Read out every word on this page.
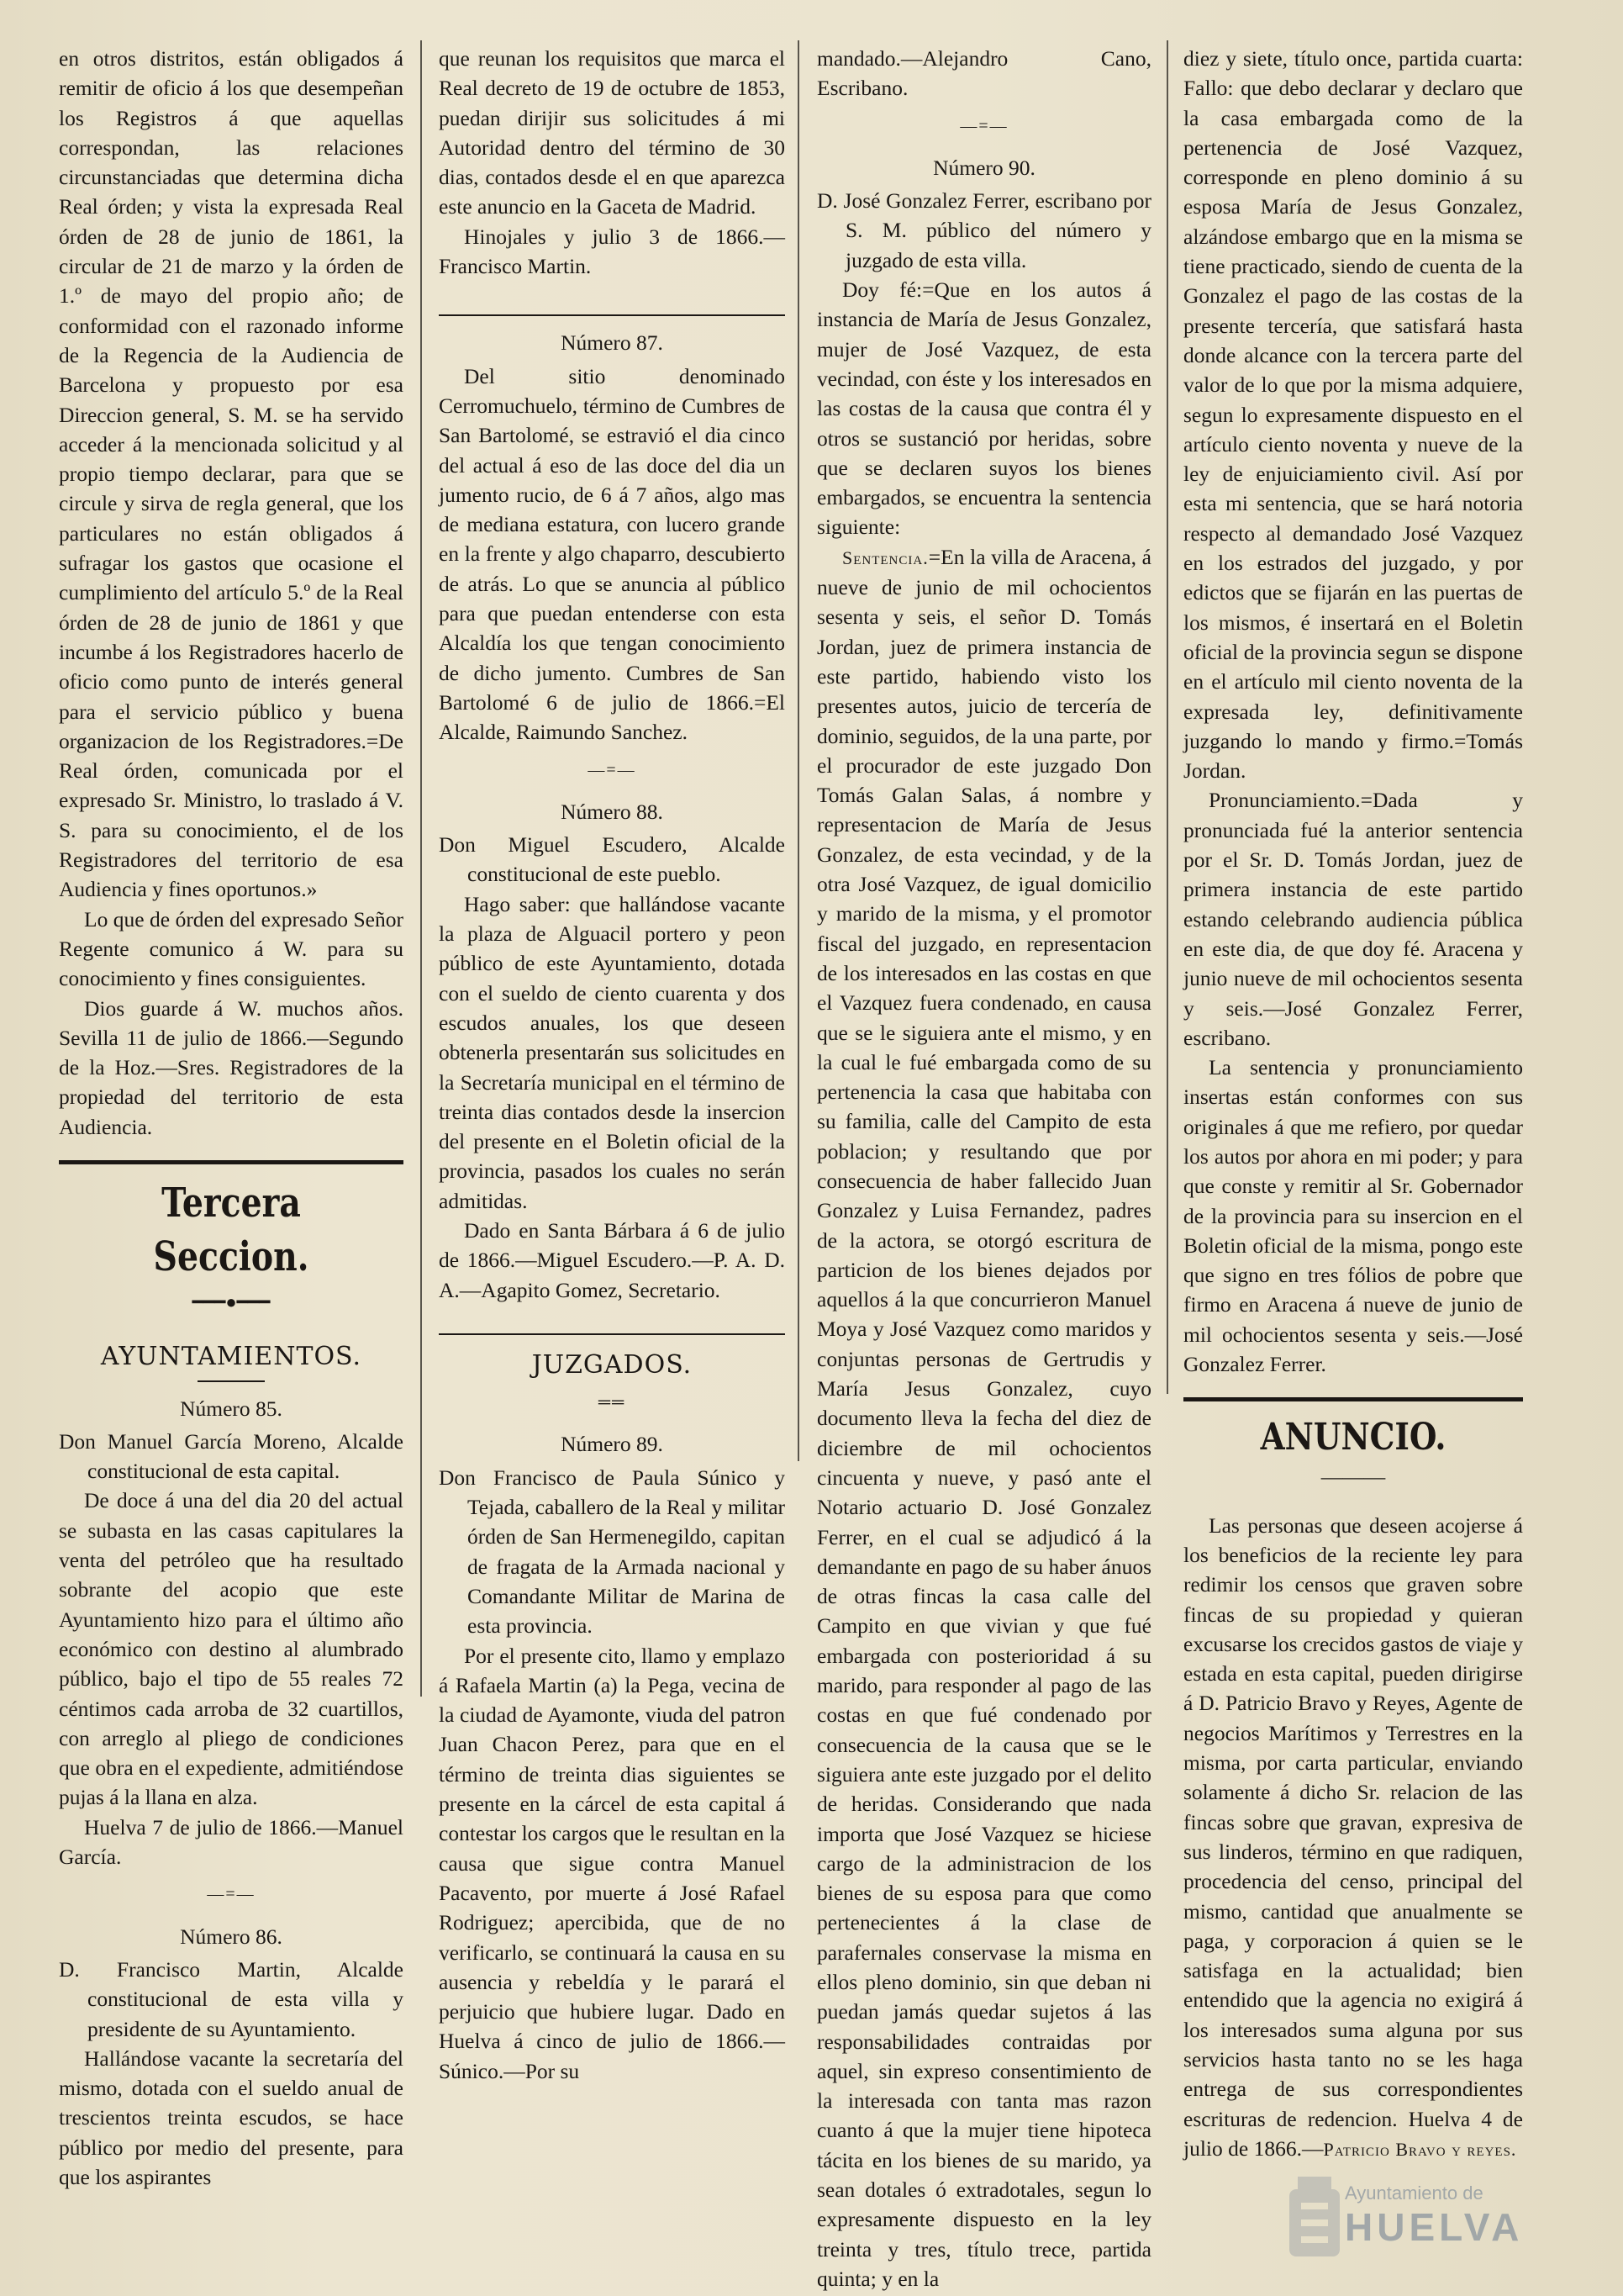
en otros distritos, están obligados á remitir de oficio á los que desempeñan los Registros á que aquellas correspondan, las relaciones circunstanciadas que determina dicha Real órden; y vista la expresada Real órden de 28 de junio de 1861, la circular de 21 de marzo y la órden de 1.º de mayo del propio año; de conformidad con el razonado informe de la Regencia de la Audiencia de Barcelona y propuesto por esa Direccion general, S. M. se ha servido acceder á la mencionada solicitud y al propio tiempo declarar, para que se circule y sirva de regla general, que los particulares no están obligados á sufragar los gastos que ocasione el cumplimiento del artículo 5.º de la Real órden de 28 de junio de 1861 y que incumbe á los Registradores hacerlo de oficio como punto de interés general para el servicio público y buena organizacion de los Registradores.=De Real órden, comunicada por el expresado Sr. Ministro, lo traslado á V. S. para su conocimiento, el de los Registradores del territorio de esa Audiencia y fines oportunos.»

Lo que de órden del expresado Señor Regente comunico á W. para su conocimiento y fines consiguientes.

Dios guarde á W. muchos años. Sevilla 11 de julio de 1866.—Segundo de la Hoz.—Sres. Registradores de la propiedad del territorio de esta Audiencia.

Tercera Seccion.
━━━●━━━
AYUNTAMIENTOS.

Número 85.

Don Manuel García Moreno, Alcalde constitucional de esta capital.

De doce á una del dia 20 del actual se subasta en las casas capitulares la venta del petróleo que ha resultado sobrante del acopio que este Ayuntamiento hizo para el último año económico con destino al alumbrado público, bajo el tipo de 55 reales 72 céntimos cada arroba de 32 cuartillos, con arreglo al pliego de condiciones que obra en el expediente, admitiéndose pujas á la llana en alza.

Huelva 7 de julio de 1866.—Manuel García.

—=—

Número 86.

D. Francisco Martin, Alcalde constitucional de esta villa y presidente de su Ayuntamiento.

Hallándose vacante la secretaría del mismo, dotada con el sueldo anual de trescientos treinta escudos, se hace público por medio del presente, para que los aspirantes

que reunan los requisitos que marca el Real decreto de 19 de octubre de 1853, puedan dirijir sus solicitudes á mi Autoridad dentro del término de 30 dias, contados desde el en que aparezca este anuncio en la Gaceta de Madrid.

Hinojales y julio 3 de 1866.—Francisco Martin.

Número 87.

Del sitio denominado Cerromuchuelo, término de Cumbres de San Bartolomé, se estravió el dia cinco del actual á eso de las doce del dia un jumento rucio, de 6 á 7 años, algo mas de mediana estatura, con lucero grande en la frente y algo chaparro, descubierto de atrás. Lo que se anuncia al público para que puedan entenderse con esta Alcaldía los que tengan conocimiento de dicho jumento. Cumbres de San Bartolomé 6 de julio de 1866.=El Alcalde, Raimundo Sanchez.

—=—

Número 88.

Don Miguel Escudero, Alcalde constitucional de este pueblo.

Hago saber: que hallándose vacante la plaza de Alguacil portero y peon público de este Ayuntamiento, dotada con el sueldo de ciento cuarenta y dos escudos anuales, los que deseen obtenerla presentarán sus solicitudes en la Secretaría municipal en el término de treinta dias contados desde la insercion del presente en el Boletin oficial de la provincia, pasados los cuales no serán admitidas.

Dado en Santa Bárbara á 6 de julio de 1866.—Miguel Escudero.—P. A. D. A.—Agapito Gomez, Secretario.

JUZGADOS.
══

Número 89.

Don Francisco de Paula Súnico y Tejada, caballero de la Real y militar órden de San Hermenegildo, capitan de fragata de la Armada nacional y Comandante Militar de Marina de esta provincia.

Por el presente cito, llamo y emplazo á Rafaela Martin (a) la Pega, vecina de la ciudad de Ayamonte, viuda del patron Juan Chacon Perez, para que en el término de treinta dias siguientes se presente en la cárcel de esta capital á contestar los cargos que le resultan en la causa que sigue contra Manuel Pacavento, por muerte á José Rafael Rodriguez; apercibida, que de no verificarlo, se continuará la causa en su ausencia y rebeldía y le parará el perjuicio que hubiere lugar. Dado en Huelva á cinco de julio de 1866.—Súnico.—Por su

mandado.—Alejandro Cano, Escribano.

—=—

Número 90.

D. José Gonzalez Ferrer, escribano por S. M. público del número y juzgado de esta villa.

Doy fé:=Que en los autos á instancia de María de Jesus Gonzalez, mujer de José Vazquez, de esta vecindad, con éste y los interesados en las costas de la causa que contra él y otros se sustanció por heridas, sobre que se declaren suyos los bienes embargados, se encuentra la sentencia siguiente:

Sentencia.=En la villa de Aracena, á nueve de junio de mil ochocientos sesenta y seis, el señor D. Tomás Jordan, juez de primera instancia de este partido, habiendo visto los presentes autos, juicio de tercería de dominio, seguidos, de la una parte, por el procurador de este juzgado Don Tomás Galan Salas, á nombre y representacion de María de Jesus Gonzalez, de esta vecindad, y de la otra José Vazquez, de igual domicilio y marido de la misma, y el promotor fiscal del juzgado, en representacion de los interesados en las costas en que el Vazquez fuera condenado, en causa que se le siguiera ante el mismo, y en la cual le fué embargada como de su pertenencia la casa que habitaba con su familia, calle del Campito de esta poblacion; y resultando que por consecuencia de haber fallecido Juan Gonzalez y Luisa Fernandez, padres de la actora, se otorgó escritura de particion de los bienes dejados por aquellos á la que concurrieron Manuel Moya y José Vazquez como maridos y conjuntas personas de Gertrudis y María Jesus Gonzalez, cuyo documento lleva la fecha del diez de diciembre de mil ochocientos cincuenta y nueve, y pasó ante el Notario actuario D. José Gonzalez Ferrer, en el cual se adjudicó á la demandante en pago de su haber ánuos de otras fincas la casa calle del Campito en que vivian y que fué embargada con posterioridad á su marido, para responder al pago de las costas en que fué condenado por consecuencia de la causa que se le siguiera ante este juzgado por el delito de heridas. Considerando que nada importa que José Vazquez se hiciese cargo de la administracion de los bienes de su esposa para que como pertenecientes á la clase de parafernales conservase la misma en ellos pleno dominio, sin que deban ni puedan jamás quedar sujetos á las responsabilidades contraidas por aquel, sin expreso consentimiento de la interesada con tanta mas razon cuanto á que la mujer tiene hipoteca tácita en los bienes de su marido, ya sean dotales ó extradotales, segun lo expresamente dispuesto en la ley treinta y tres, título trece, partida quinta; y en la

diez y siete, título once, partida cuarta: Fallo: que debo declarar y declaro que la casa embargada como de la pertenencia de José Vazquez, corresponde en pleno dominio á su esposa María de Jesus Gonzalez, alzándose embargo que en la misma se tiene practicado, siendo de cuenta de la Gonzalez el pago de las costas de la presente tercería, que satisfará hasta donde alcance con la tercera parte del valor de lo que por la misma adquiere, segun lo expresamente dispuesto en el artículo ciento noventa y nueve de la ley de enjuiciamiento civil. Así por esta mi sentencia, que se hará notoria respecto al demandado José Vazquez en los estrados del juzgado, y por edictos que se fijarán en las puertas de los mismos, é insertará en el Boletin oficial de la provincia segun se dispone en el artículo mil ciento noventa de la expresada ley, definitivamente juzgando lo mando y firmo.=Tomás Jordan.

Pronunciamiento.=Dada y pronunciada fué la anterior sentencia por el Sr. D. Tomás Jordan, juez de primera instancia de este partido estando celebrando audiencia pública en este dia, de que doy fé. Aracena y junio nueve de mil ochocientos sesenta y seis.—José Gonzalez Ferrer, escribano.

La sentencia y pronunciamiento insertas están conformes con sus originales á que me refiero, por quedar los autos por ahora en mi poder; y para que conste y remitir al Sr. Gobernador de la provincia para su insercion en el Boletin oficial de la misma, pongo este que signo en tres fólios de pobre que firmo en Aracena á nueve de junio de mil ochocientos sesenta y seis.—José Gonzalez Ferrer.

ANUNCIO.
———

Las personas que deseen acojerse á los beneficios de la reciente ley para redimir los censos que graven sobre fincas de su propiedad y quieran excusarse los crecidos gastos de viaje y estada en esta capital, pueden dirigirse á D. Patricio Bravo y Reyes, Agente de negocios Marítimos y Terrestres en la misma, por carta particular, enviando solamente á dicho Sr. relacion de las fincas sobre que gravan, expresiva de sus linderos, término en que radiquen, procedencia del censo, principal del mismo, cantidad que anualmente se paga, y corporacion á quien se le satisfaga en la actualidad; bien entendido que la agencia no exigirá á los interesados suma alguna por sus servicios hasta tanto no se les haga entrega de sus correspondientes escrituras de redencion. Huelva 4 de julio de 1866.—Patricio Bravo y reyes.

Ayuntamiento de
HUELVA
